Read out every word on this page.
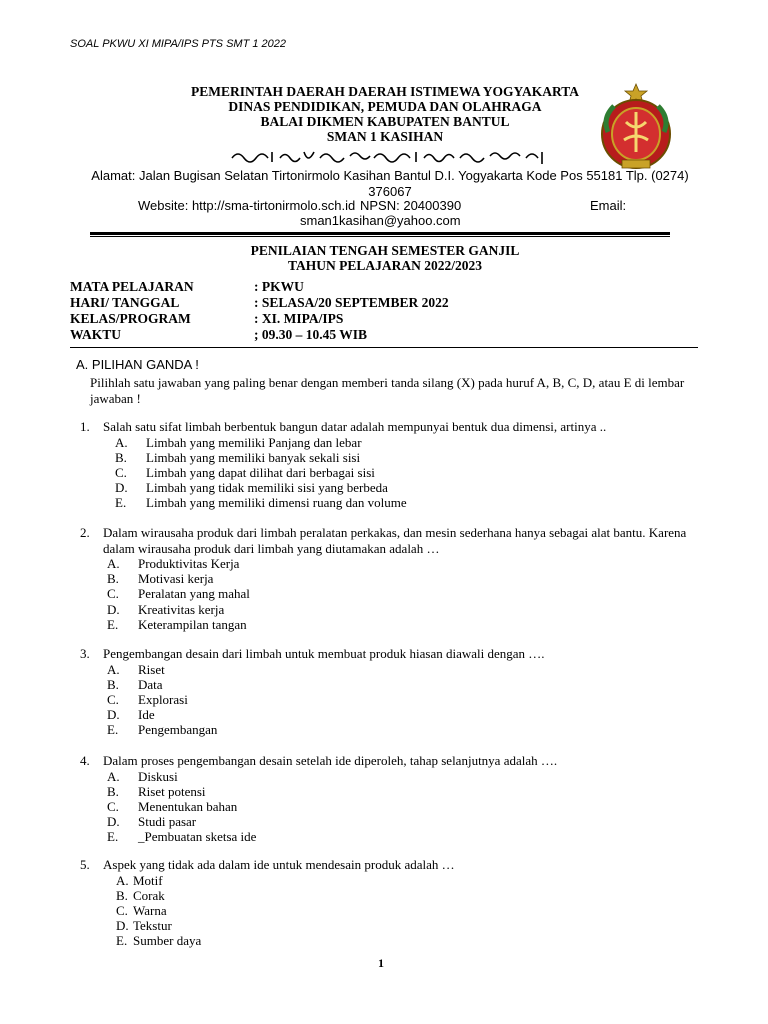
SOAL PKWU XI MIPA/IPS PTS SMT 1 2022
PEMERINTAH DAERAH DAERAH ISTIMEWA YOGYAKARTA
DINAS PENDIDIKAN, PEMUDA DAN OLAHRAGA
BALAI DIKMEN KABUPATEN BANTUL
SMAN 1 KASIHAN
Alamat: Jalan Bugisan Selatan Tirtonirmolo Kasihan Bantul D.I. Yogyakarta Kode Pos 55181 Tlp. (0274) 376067
Website: http://sma-tirtonirmolo.sch.id NPSN: 20400390	Email:
sman1kasihan@yahoo.com
PENILAIAN TENGAH SEMESTER GANJIL
TAHUN PELAJARAN 2022/2023
MATA PELAJARAN	: PKWU
HARI/ TANGGAL	: SELASA/20 SEPTEMBER 2022
KELAS/PROGRAM	: XI. MIPA/IPS
WAKTU	; 09.30 – 10.45 WIB
A. PILIHAN GANDA !
Pilihlah satu jawaban yang paling benar dengan memberi tanda silang (X) pada huruf A, B, C, D, atau E di lembar jawaban !
1. Salah satu sifat limbah berbentuk bangun datar adalah mempunyai bentuk dua dimensi, artinya ..
A. Limbah yang memiliki Panjang dan lebar
B. Limbah yang memiliki banyak sekali sisi
C. Limbah yang dapat dilihat dari berbagai sisi
D. Limbah yang tidak memiliki sisi yang berbeda
E. Limbah yang memiliki dimensi ruang dan volume
2. Dalam wirausaha produk dari limbah peralatan perkakas, dan mesin sederhana hanya sebagai alat bantu. Karena dalam wirausaha produk dari limbah yang diutamakan adalah …
A. Produktivitas Kerja
B. Motivasi kerja
C. Peralatan yang mahal
D. Kreativitas kerja
E. Keterampilan tangan
3. Pengembangan desain dari limbah untuk membuat produk hiasan diawali dengan ….
A. Riset
B. Data
C. Explorasi
D. Ide
E. Pengembangan
4. Dalam proses pengembangan desain setelah ide diperoleh, tahap selanjutnya adalah ….
A. Diskusi
B. Riset potensi
C. Menentukan bahan
D. Studi pasar
E. _Pembuatan sketsa ide
5. Aspek yang tidak ada dalam ide untuk mendesain produk adalah …
A. Motif
B. Corak
C. Warna
D. Tekstur
E. Sumber daya
1
